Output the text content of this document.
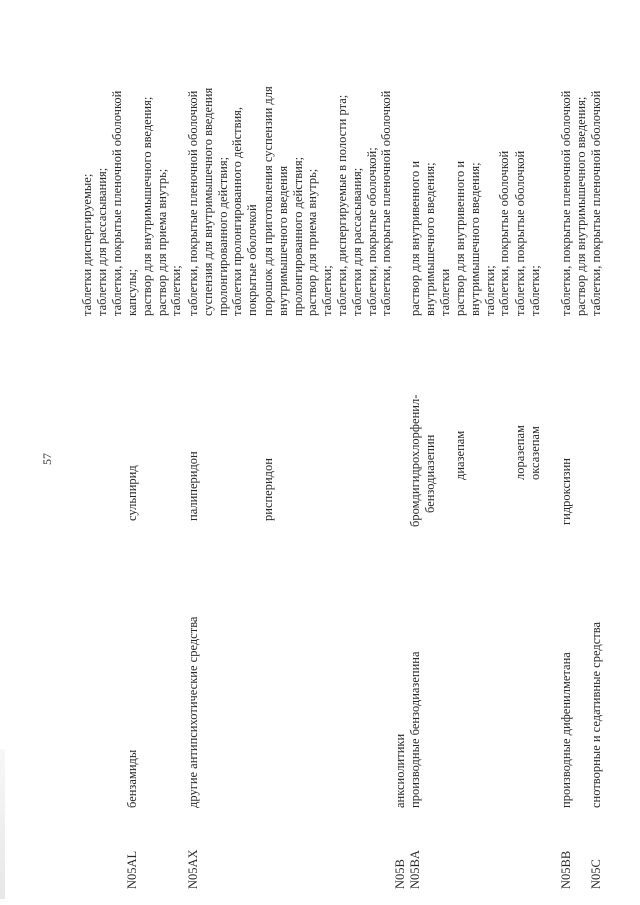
57
таблетки диспергируемые; таблетки для рассасывания; таблетки, покрытые пленочной оболочкой
N05AL
бензамиды
сульпирид
капсулы; раствор для внутримышечного введения; раствор для приема внутрь; таблетки;
N05AX
другие антипсихотические средства
палиперидон
таблетки, покрытые пленочной оболочкой суспензия для внутримышечного введения пролонгированного действия; таблетки пролонгированного действия, покрытые оболочкой
рисперидон
порошок для приготовления суспензии для внутримышечного введения пролонгированного действия; раствор для приема внутрь; таблетки; таблетки, диспергируемые в полости рта; таблетки для рассасывания; таблетки, покрытые оболочкой; таблетки, покрытые пленочной оболочкой
N05B
анксиолитики
N05BA
производные бензодиазепина
бромдигидрохлорфенил- бензодиазепин
раствор для внутривенного и внутримышечного введения; таблетки
диазепам
раствор для внутривенного и внутримышечного введения; таблетки; таблетки, покрытые оболочкой
лоразепам
таблетки, покрытые оболочкой
оксазепам
таблетки;
N05BB
производные дифенилметана
гидроксизин
таблетки, покрытые пленочной оболочкой раствор для внутримышечного введения; таблетки, покрытые пленочной оболочкой
N05C
снотворные и седативные средства
